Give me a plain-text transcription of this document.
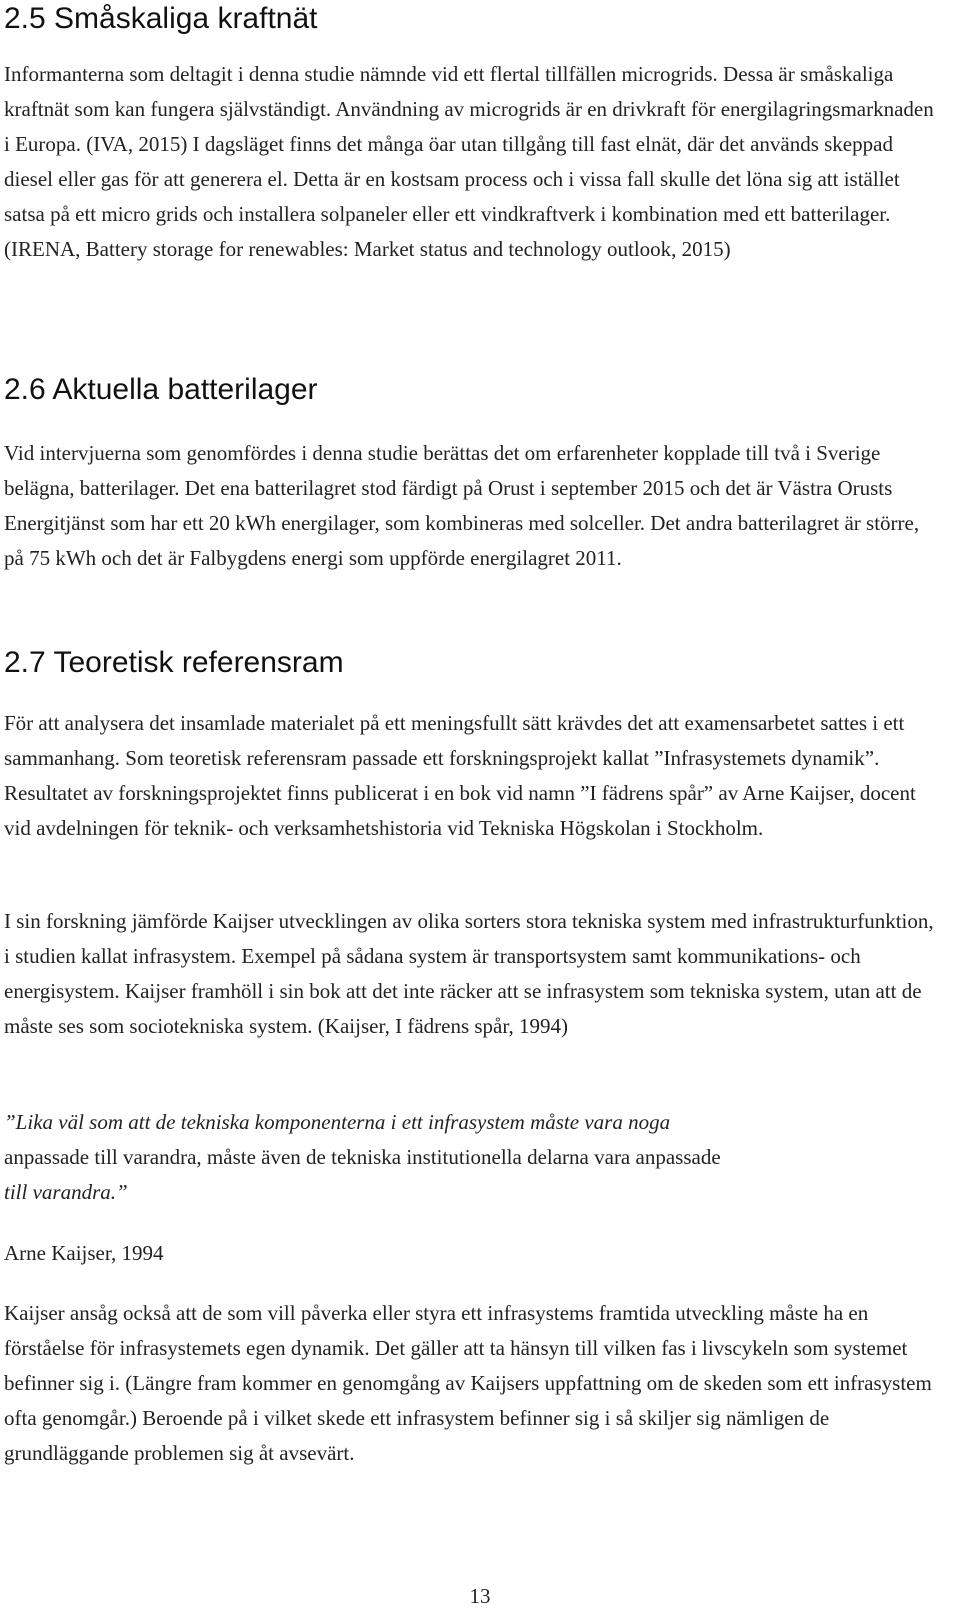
2.5 Småskaliga kraftnät

Informanterna som deltagit i denna studie nämnde vid ett flertal tillfällen microgrids. Dessa är småskaliga kraftnät som kan fungera självständigt. Användning av microgrids är en drivkraft för energilagringsmarknaden i Europa. (IVA, 2015) I dagsläget finns det många öar utan tillgång till fast elnät, där det används skeppad diesel eller gas för att generera el. Detta är en kostsam process och i vissa fall skulle det löna sig att istället satsa på ett micro grids och installera solpaneler eller ett vindkraftverk i kombination med ett batterilager. (IRENA, Battery storage for renewables: Market status and technology outlook, 2015)

2.6 Aktuella batterilager

Vid intervjuerna som genomfördes i denna studie berättas det om erfarenheter kopplade till två i Sverige belägna, batterilager. Det ena batterilagret stod färdigt på Orust i september 2015 och det är Västra Orusts Energitjänst som har ett 20 kWh energilager, som kombineras med solceller. Det andra batterilagret är större, på 75 kWh och det är Falbygdens energi som uppförde energilagret 2011.

2.7 Teoretisk referensram

För att analysera det insamlade materialet på ett meningsfullt sätt krävdes det att examensarbetet sattes i ett sammanhang. Som teoretisk referensram passade ett forskningsprojekt kallat ”Infrasystemets dynamik”. Resultatet av forskningsprojektet finns publicerat i en bok vid namn ”I fädrens spår” av Arne Kaijser, docent vid avdelningen för teknik- och verksamhetshistoria vid Tekniska Högskolan i Stockholm.

I sin forskning jämförde Kaijser utvecklingen av olika sorters stora tekniska system med infrastrukturfunktion, i studien kallat infrasystem. Exempel på sådana system är transportsystem samt kommunikations- och energisystem. Kaijser framhöll i sin bok att det inte räcker att se infrasystem som tekniska system, utan att de måste ses som sociotekniska system. (Kaijser, I fädrens spår, 1994)

”Lika väl som att de tekniska komponenterna i ett infrasystem måste vara noga

anpassade till varandra, måste även de tekniska institutionella delarna vara anpassade

till varandra.”

Arne Kaijser, 1994

Kaijser ansåg också att de som vill påverka eller styra ett infrasystems framtida utveckling måste ha en förståelse för infrasystemets egen dynamik. Det gäller att ta hänsyn till vilken fas i livscykeln som systemet befinner sig i. (Längre fram kommer en genomgång av Kaijsers uppfattning om de skeden som ett infrasystem ofta genomgår.) Beroende på i vilket skede ett infrasystem befinner sig i så skiljer sig nämligen de grundläggande problemen sig åt avsevärt.

13
